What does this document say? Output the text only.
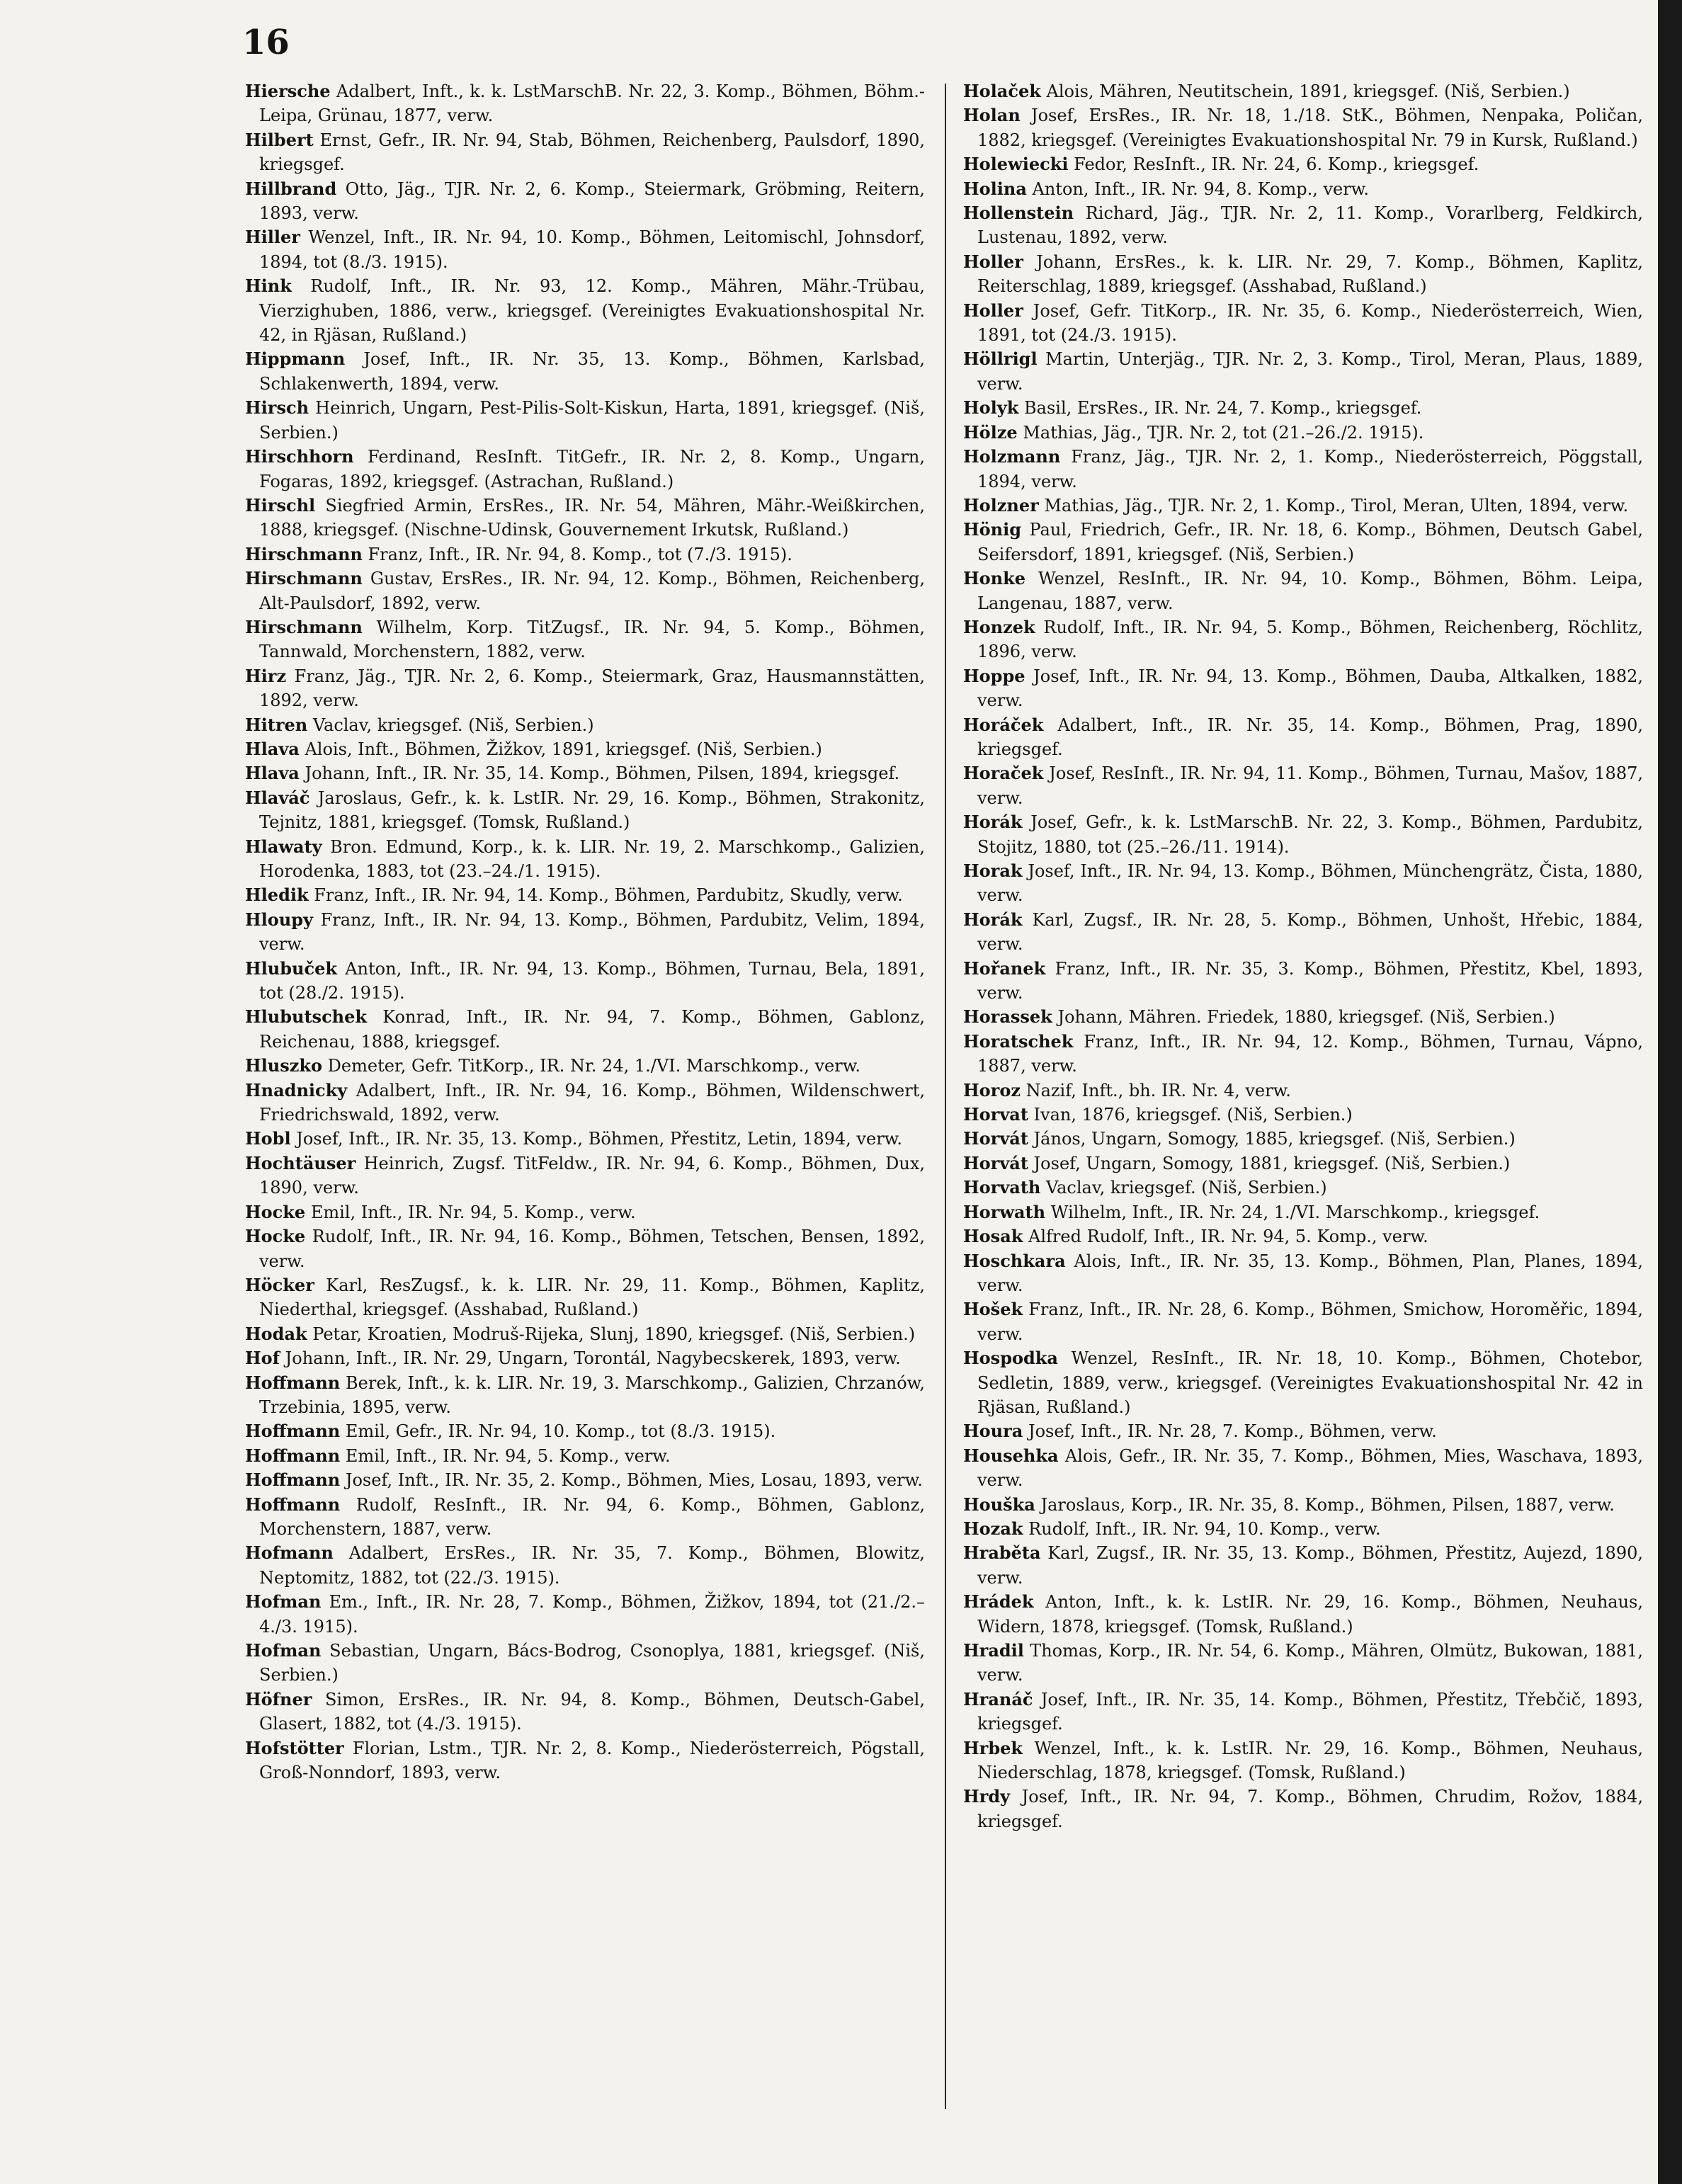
16

Hiersche Adalbert, Inft., k. k. LstMarschB. Nr. 22, 3. Komp., Böhmen, Böhm.-Leipa, Grünau, 1877, verw.

Hilbert Ernst, Gefr., IR. Nr. 94, Stab, Böhmen, Reichenberg, Paulsdorf, 1890, kriegsgef.

Hillbrand Otto, Jäg., TJR. Nr. 2, 6. Komp., Steiermark, Gröbming, Reitern, 1893, verw.

Hiller Wenzel, Inft., IR. Nr. 94, 10. Komp., Böhmen, Leitomischl, Johnsdorf, 1894, tot (8./3. 1915).

Hink Rudolf, Inft., IR. Nr. 93, 12. Komp., Mähren, Mähr.-Trübau, Vierzighuben, 1886, verw., kriegsgef. (Vereinigtes Evakuationshospital Nr. 42, in Rjäsan, Rußland.)

Hippmann Josef, Inft., IR. Nr. 35, 13. Komp., Böhmen, Karlsbad, Schlakenwerth, 1894, verw.

Hirsch Heinrich, Ungarn, Pest-Pilis-Solt-Kiskun, Harta, 1891, kriegsgef. (Niš, Serbien.)

Hirschhorn Ferdinand, ResInft. TitGefr., IR. Nr. 2, 8. Komp., Ungarn, Fogaras, 1892, kriegsgef. (Astrachan, Rußland.)

Hirschl Siegfried Armin, ErsRes., IR. Nr. 54, Mähren, Mähr.-Weißkirchen, 1888, kriegsgef. (Nischne-Udinsk, Gouvernement Irkutsk, Rußland.)

Hirschmann Franz, Inft., IR. Nr. 94, 8. Komp., tot (7./3. 1915).

Hirschmann Gustav, ErsRes., IR. Nr. 94, 12. Komp., Böhmen, Reichenberg, Alt-Paulsdorf, 1892, verw.

Hirschmann Wilhelm, Korp. TitZugsf., IR. Nr. 94, 5. Komp., Böhmen, Tannwald, Morchenstern, 1882, verw.

Hirz Franz, Jäg., TJR. Nr. 2, 6. Komp., Steiermark, Graz, Hausmannstätten, 1892, verw.

Hitren Vaclav, kriegsgef. (Niš, Serbien.)

Hlava Alois, Inft., Böhmen, Žižkov, 1891, kriegsgef. (Niš, Serbien.)

Hlava Johann, Inft., IR. Nr. 35, 14. Komp., Böhmen, Pilsen, 1894, kriegsgef.

Hlaváč Jaroslaus, Gefr., k. k. LstIR. Nr. 29, 16. Komp., Böhmen, Strakonitz, Tejnitz, 1881, kriegsgef. (Tomsk, Rußland.)

Hlawaty Bron. Edmund, Korp., k. k. LIR. Nr. 19, 2. Marschkomp., Galizien, Horodenka, 1883, tot (23.–24./1. 1915).

Hledik Franz, Inft., IR. Nr. 94, 14. Komp., Böhmen, Pardubitz, Skudly, verw.

Hloupy Franz, Inft., IR. Nr. 94, 13. Komp., Böhmen, Pardubitz, Velim, 1894, verw.

Hlubuček Anton, Inft., IR. Nr. 94, 13. Komp., Böhmen, Turnau, Bela, 1891, tot (28./2. 1915).

Hlubutschek Konrad, Inft., IR. Nr. 94, 7. Komp., Böhmen, Gablonz, Reichenau, 1888, kriegsgef.

Hluszko Demeter, Gefr. TitKorp., IR. Nr. 24, 1./VI. Marschkomp., verw.

Hnadnicky Adalbert, Inft., IR. Nr. 94, 16. Komp., Böhmen, Wildenschwert, Friedrichswald, 1892, verw.

Hobl Josef, Inft., IR. Nr. 35, 13. Komp., Böhmen, Přestitz, Letin, 1894, verw.

Hochtäuser Heinrich, Zugsf. TitFeldw., IR. Nr. 94, 6. Komp., Böhmen, Dux, 1890, verw.

Hocke Emil, Inft., IR. Nr. 94, 5. Komp., verw.

Hocke Rudolf, Inft., IR. Nr. 94, 16. Komp., Böhmen, Tetschen, Bensen, 1892, verw.

Höcker Karl, ResZugsf., k. k. LIR. Nr. 29, 11. Komp., Böhmen, Kaplitz, Niederthal, kriegsgef. (Asshabad, Rußland.)

Hodak Petar, Kroatien, Modruš-Rijeka, Slunj, 1890, kriegsgef. (Niš, Serbien.)

Hof Johann, Inft., IR. Nr. 29, Ungarn, Torontál, Nagybecskerek, 1893, verw.

Hoffmann Berek, Inft., k. k. LIR. Nr. 19, 3. Marschkomp., Galizien, Chrzanów, Trzebinia, 1895, verw.

Hoffmann Emil, Gefr., IR. Nr. 94, 10. Komp., tot (8./3. 1915).

Hoffmann Emil, Inft., IR. Nr. 94, 5. Komp., verw.

Hoffmann Josef, Inft., IR. Nr. 35, 2. Komp., Böhmen, Mies, Losau, 1893, verw.

Hoffmann Rudolf, ResInft., IR. Nr. 94, 6. Komp., Böhmen, Gablonz, Morchenstern, 1887, verw.

Hofmann Adalbert, ErsRes., IR. Nr. 35, 7. Komp., Böhmen, Blowitz, Neptomitz, 1882, tot (22./3. 1915).

Hofman Em., Inft., IR. Nr. 28, 7. Komp., Böhmen, Žižkov, 1894, tot (21./2.–4./3. 1915).

Hofman Sebastian, Ungarn, Bács-Bodrog, Csonoplya, 1881, kriegsgef. (Niš, Serbien.)

Höfner Simon, ErsRes., IR. Nr. 94, 8. Komp., Böhmen, Deutsch-Gabel, Glasert, 1882, tot (4./3. 1915).

Hofstötter Florian, Lstm., TJR. Nr. 2, 8. Komp., Niederösterreich, Pögstall, Groß-Nonndorf, 1893, verw.

Holaček Alois, Mähren, Neutitschein, 1891, kriegsgef. (Niš, Serbien.)

Holan Josef, ErsRes., IR. Nr. 18, 1./18. StK., Böhmen, Nenpaka, Poličan, 1882, kriegsgef. (Vereinigtes Evakuationshospital Nr. 79 in Kursk, Rußland.)

Holewiecki Fedor, ResInft., IR. Nr. 24, 6. Komp., kriegsgef.

Holina Anton, Inft., IR. Nr. 94, 8. Komp., verw.

Hollenstein Richard, Jäg., TJR. Nr. 2, 11. Komp., Vorarlberg, Feldkirch, Lustenau, 1892, verw.

Holler Johann, ErsRes., k. k. LIR. Nr. 29, 7. Komp., Böhmen, Kaplitz, Reiterschlag, 1889, kriegsgef. (Asshabad, Rußland.)

Holler Josef, Gefr. TitKorp., IR. Nr. 35, 6. Komp., Niederösterreich, Wien, 1891, tot (24./3. 1915).

Höllrigl Martin, Unterjäg., TJR. Nr. 2, 3. Komp., Tirol, Meran, Plaus, 1889, verw.

Holyk Basil, ErsRes., IR. Nr. 24, 7. Komp., kriegsgef.

Hölze Mathias, Jäg., TJR. Nr. 2, tot (21.–26./2. 1915).

Holzmann Franz, Jäg., TJR. Nr. 2, 1. Komp., Niederösterreich, Pöggstall, 1894, verw.

Holzner Mathias, Jäg., TJR. Nr. 2, 1. Komp., Tirol, Meran, Ulten, 1894, verw.

Hönig Paul, Friedrich, Gefr., IR. Nr. 18, 6. Komp., Böhmen, Deutsch Gabel, Seifersdorf, 1891, kriegsgef. (Niš, Serbien.)

Honke Wenzel, ResInft., IR. Nr. 94, 10. Komp., Böhmen, Böhm. Leipa, Langenau, 1887, verw.

Honzek Rudolf, Inft., IR. Nr. 94, 5. Komp., Böhmen, Reichenberg, Röchlitz, 1896, verw.

Hoppe Josef, Inft., IR. Nr. 94, 13. Komp., Böhmen, Dauba, Altkalken, 1882, verw.

Horáček Adalbert, Inft., IR. Nr. 35, 14. Komp., Böhmen, Prag, 1890, kriegsgef.

Horaček Josef, ResInft., IR. Nr. 94, 11. Komp., Böhmen, Turnau, Mašov, 1887, verw.

Horák Josef, Gefr., k. k. LstMarschB. Nr. 22, 3. Komp., Böhmen, Pardubitz, Stojitz, 1880, tot (25.–26./11. 1914).

Horak Josef, Inft., IR. Nr. 94, 13. Komp., Böhmen, Münchengrätz, Čista, 1880, verw.

Horák Karl, Zugsf., IR. Nr. 28, 5. Komp., Böhmen, Unhošt, Hřebic, 1884, verw.

Hořanek Franz, Inft., IR. Nr. 35, 3. Komp., Böhmen, Přestitz, Kbel, 1893, verw.

Horassek Johann, Mähren. Friedek, 1880, kriegsgef. (Niš, Serbien.)

Horatschek Franz, Inft., IR. Nr. 94, 12. Komp., Böhmen, Turnau, Vápno, 1887, verw.

Horoz Nazif, Inft., bh. IR. Nr. 4, verw.

Horvat Ivan, 1876, kriegsgef. (Niš, Serbien.)

Horvát János, Ungarn, Somogy, 1885, kriegsgef. (Niš, Serbien.)

Horvát Josef, Ungarn, Somogy, 1881, kriegsgef. (Niš, Serbien.)

Horvath Vaclav, kriegsgef. (Niš, Serbien.)

Horwath Wilhelm, Inft., IR. Nr. 24, 1./VI. Marschkomp., kriegsgef.

Hosak Alfred Rudolf, Inft., IR. Nr. 94, 5. Komp., verw.

Hoschkara Alois, Inft., IR. Nr. 35, 13. Komp., Böhmen, Plan, Planes, 1894, verw.

Hošek Franz, Inft., IR. Nr. 28, 6. Komp., Böhmen, Smichow, Horoměřic, 1894, verw.

Hospodka Wenzel, ResInft., IR. Nr. 18, 10. Komp., Böhmen, Chotebor, Sedletin, 1889, verw., kriegsgef. (Vereinigtes Evakuationshospital Nr. 42 in Rjäsan, Rußland.)

Houra Josef, Inft., IR. Nr. 28, 7. Komp., Böhmen, verw.

Househka Alois, Gefr., IR. Nr. 35, 7. Komp., Böhmen, Mies, Waschava, 1893, verw.

Houška Jaroslaus, Korp., IR. Nr. 35, 8. Komp., Böhmen, Pilsen, 1887, verw.

Hozak Rudolf, Inft., IR. Nr. 94, 10. Komp., verw.

Hraběta Karl, Zugsf., IR. Nr. 35, 13. Komp., Böhmen, Přestitz, Aujezd, 1890, verw.

Hrádek Anton, Inft., k. k. LstIR. Nr. 29, 16. Komp., Böhmen, Neuhaus, Widern, 1878, kriegsgef. (Tomsk, Rußland.)

Hradil Thomas, Korp., IR. Nr. 54, 6. Komp., Mähren, Olmütz, Bukowan, 1881, verw.

Hranáč Josef, Inft., IR. Nr. 35, 14. Komp., Böhmen, Přestitz, Třebčič, 1893, kriegsgef.

Hrbek Wenzel, Inft., k. k. LstIR. Nr. 29, 16. Komp., Böhmen, Neuhaus, Niederschlag, 1878, kriegsgef. (Tomsk, Rußland.)

Hrdy Josef, Inft., IR. Nr. 94, 7. Komp., Böhmen, Chrudim, Rožov, 1884, kriegsgef.
